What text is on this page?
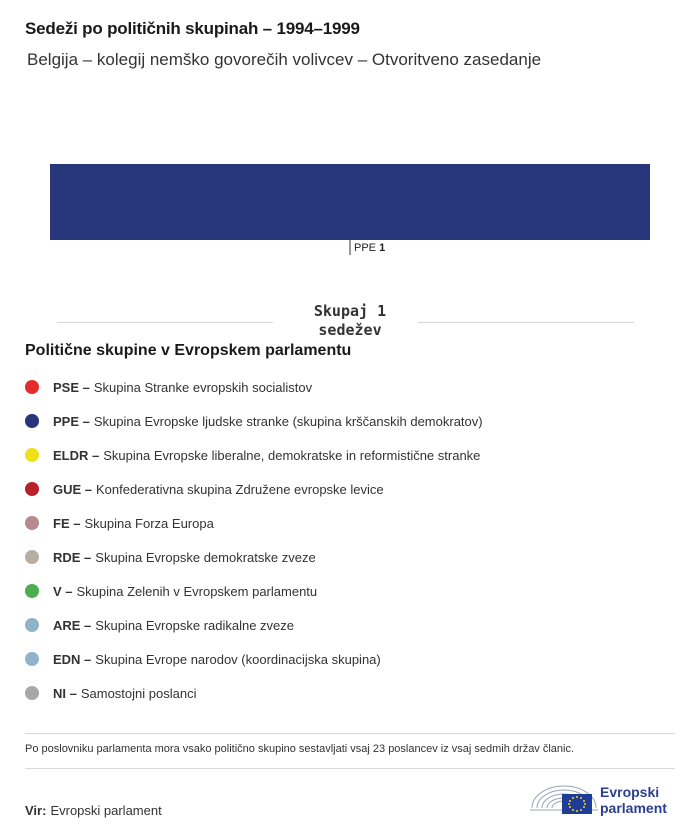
Sedeži po političnih skupinah – 1994–1999
Belgija – kolegij nemško govorečih volivcev – Otvoritveno zasedanje
PPE 1
Skupaj 1
sedežev
Politične skupine v Evropskem parlamentu
PSE – Skupina Stranke evropskih socialistov
PPE – Skupina Evropske ljudske stranke (skupina krščanskih demokratov)
ELDR – Skupina Evropske liberalne, demokratske in reformistične stranke
GUE – Konfederativna skupina Združene evropske levice
FE – Skupina Forza Europa
RDE – Skupina Evropske demokratske zveze
V – Skupina Zelenih v Evropskem parlamentu
ARE – Skupina Evropske radikalne zveze
EDN – Skupina Evrope narodov (koordinacijska skupina)
NI – Samostojni poslanci
Po poslovniku parlamenta mora vsako politično skupino sestavljati vsaj 23 poslancev iz vsaj sedmih držav članic.
Vir: Evropski parlament
Evropski
parlament
